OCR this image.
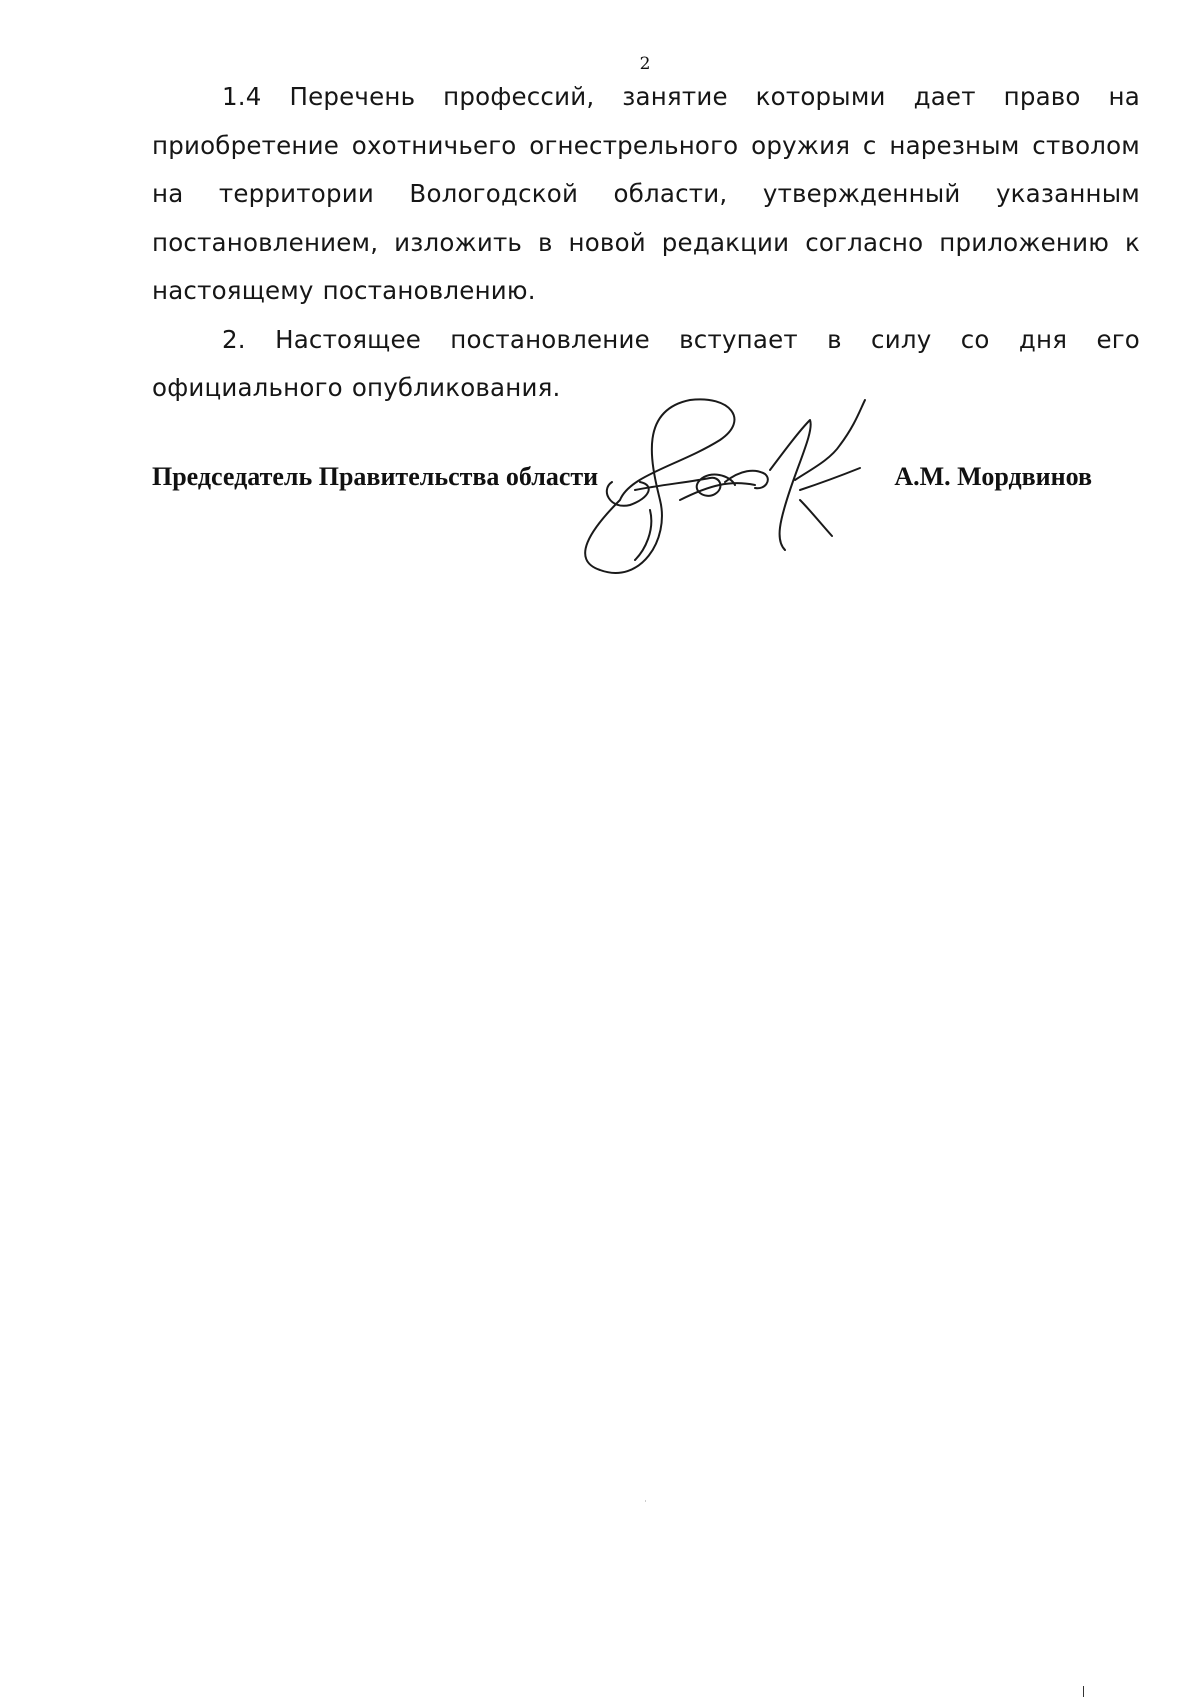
2

1.4 Перечень профессий, занятие которыми дает право на приобретение охотничьего огнестрельного оружия с нарезным стволом на территории Вологодской области, утвержденный указанным постановлением, изложить в новой редакции согласно приложению к настоящему постановлению.

2. Настоящее постановление вступает в силу со дня его официального опубликования.

Председатель Правительства области	А.М. Мордвинов
